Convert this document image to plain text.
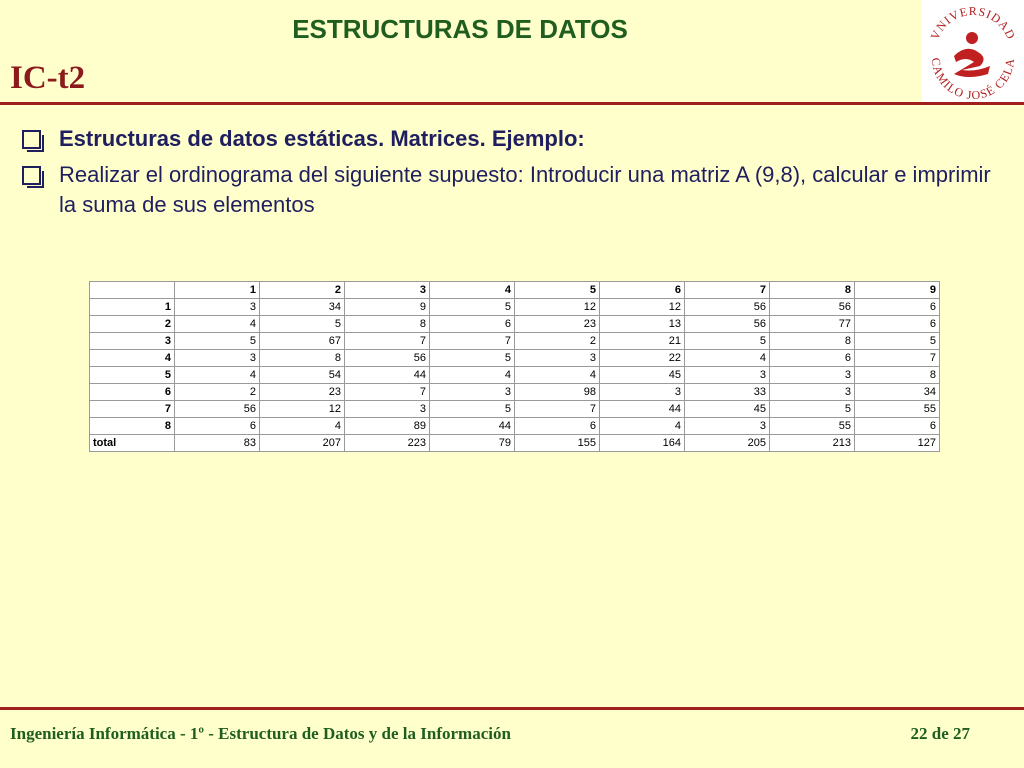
ESTRUCTURAS DE DATOS
IC-t2
VNIVERSIDAD
CAMILO JOSÉ CELA
Estructuras de datos estáticas. Matrices. Ejemplo:
Realizar el ordinograma del siguiente supuesto: Introducir una matriz A (9,8), calcular e imprimir la suma de sus elementos
	1	2	3	4	5	6	7	8	9
1	3	34	9	5	12	12	56	56	6
2	4	5	8	6	23	13	56	77	6
3	5	67	7	7	2	21	5	8	5
4	3	8	56	5	3	22	4	6	7
5	4	54	44	4	4	45	3	3	8
6	2	23	7	3	98	3	33	3	34
7	56	12	3	5	7	44	45	5	55
8	6	4	89	44	6	4	3	55	6
total	83	207	223	79	155	164	205	213	127
Ingeniería Informática - 1º - Estructura de Datos y de la Información	22 de 27
